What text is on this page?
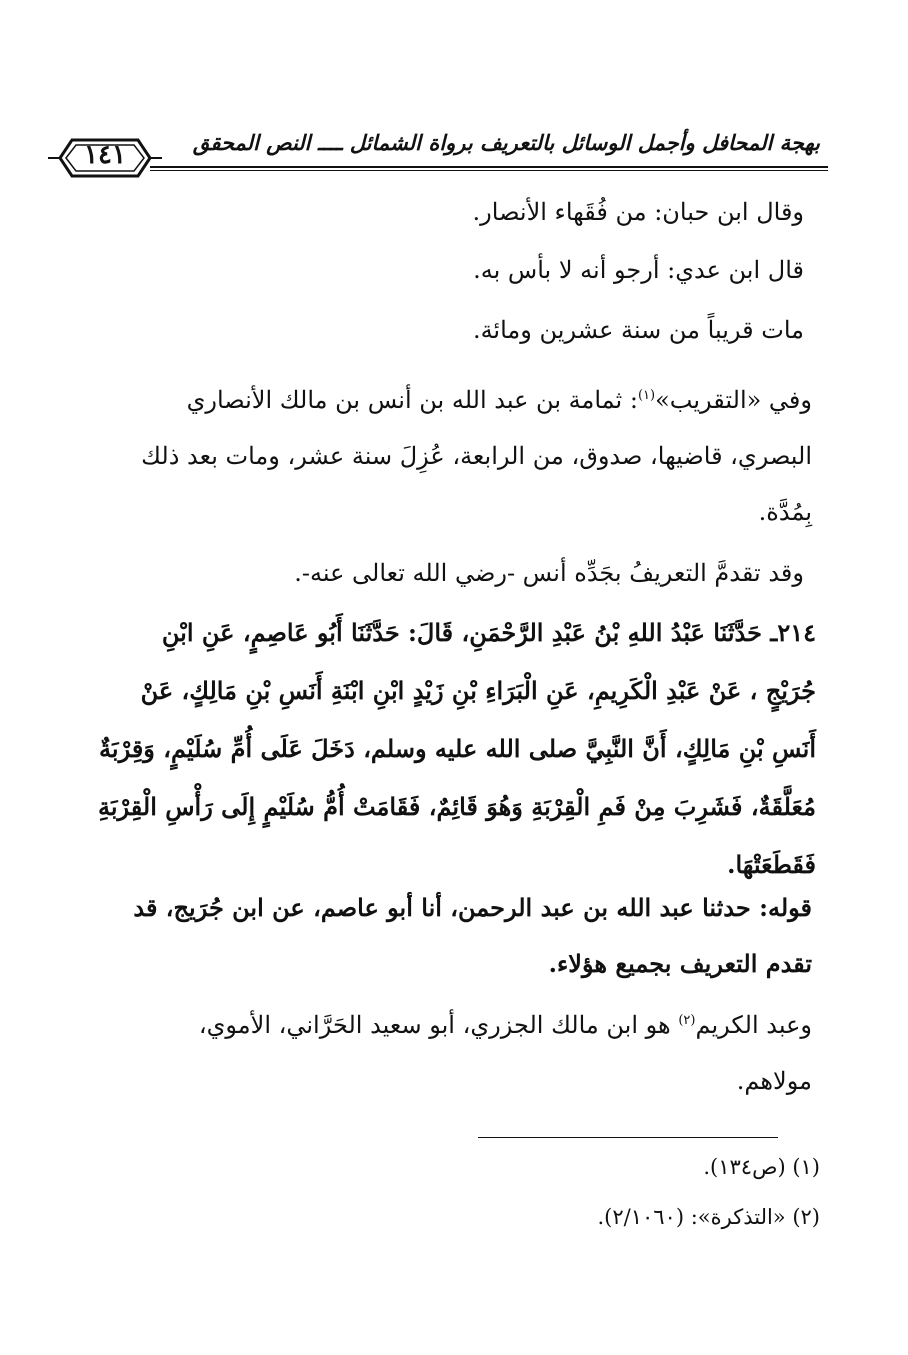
بهجة المحافل وأجمل الوسائل بالتعريف برواة الشمائل ــــ النص المحقق
١٤١

وقال ابن حبان: من فُقَهاء الأنصار.

قال ابن عدي: أرجو أنه لا بأس به.

مات قريباً من سنة عشرين ومائة.

وفي «التقريب»$^{(١)}$: ثمامة بن عبد الله بن أنس بن مالك الأنصاري
البصري، قاضيها، صدوق، من الرابعة، عُزِلَ سنة عشر، ومات بعد ذلك
بِمُدَّة.

وقد تقدمَّ التعريفُ بجَدِّه أنس -رضي الله تعالى عنه-.

٢١٤ـ حَدَّثَنَا عَبْدُ اللهِ بْنُ عَبْدِ الرَّحْمَنِ، قَالَ: حَدَّثَنَا أَبُو عَاصِمٍ، عَنِ ابْنِ
جُرَيْجٍ ، عَنْ عَبْدِ الْكَرِيمِ، عَنِ الْبَرَاءِ بْنِ زَيْدٍ ابْنِ ابْنَةِ أَنَسِ بْنِ مَالِكٍ، عَنْ
أَنَسِ بْنِ مَالِكٍ، أَنَّ النَّبِيَّ صلى الله عليه وسلم، دَخَلَ عَلَى أُمِّ سُلَيْمٍ، وَقِرْبَةٌ
مُعَلَّقَةٌ، فَشَرِبَ مِنْ فَمِ الْقِرْبَةِ وَهُوَ قَائِمٌ، فَقَامَتْ أُمُّ سُلَيْمٍ إِلَى رَأْسِ الْقِرْبَةِ
فَقَطَعَتْهَا.

قوله: حدثنا عبد الله بن عبد الرحمن، أنا أبو عاصم، عن ابن جُرَيج، قد
تقدم التعريف بجميع هؤلاء.

وعبد الكريم$^{(٢)}$ هو ابن مالك الجزري، أبو سعيد الحَرَّاني، الأموي،
مولاهم.

(١) (ص١٣٤).
(٢) «التذكرة»: (٢/١٠٦٠).
